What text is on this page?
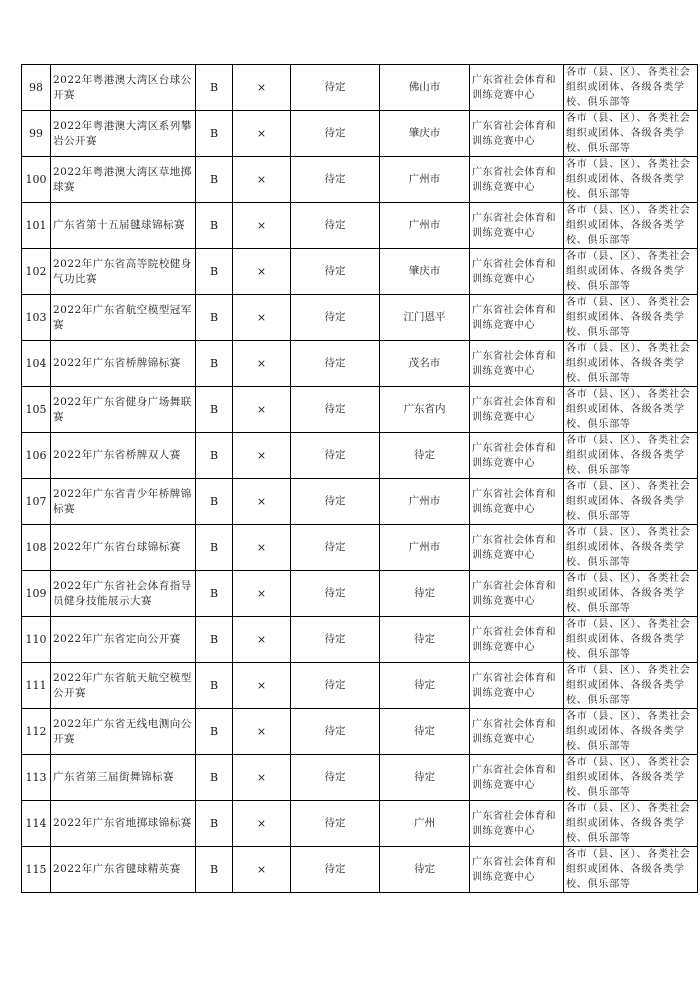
98	2022年粤港澳大湾区台球公开赛	B	×	待定	佛山市	广东省社会体育和训练竞赛中心	各市（县、区）、各类社会组织或团体、各级各类学校、俱乐部等
99	2022年粤港澳大湾区系列攀岩公开赛	B	×	待定	肇庆市	广东省社会体育和训练竞赛中心	各市（县、区）、各类社会组织或团体、各级各类学校、俱乐部等
100	2022年粤港澳大湾区草地掷球赛	B	×	待定	广州市	广东省社会体育和训练竞赛中心	各市（县、区）、各类社会组织或团体、各级各类学校、俱乐部等
101	广东省第十五届毽球锦标赛	B	×	待定	广州市	广东省社会体育和训练竞赛中心	各市（县、区）、各类社会组织或团体、各级各类学校、俱乐部等
102	2022年广东省高等院校健身气功比赛	B	×	待定	肇庆市	广东省社会体育和训练竞赛中心	各市（县、区）、各类社会组织或团体、各级各类学校、俱乐部等
103	2022年广东省航空模型冠军赛	B	×	待定	江门恩平	广东省社会体育和训练竞赛中心	各市（县、区）、各类社会组织或团体、各级各类学校、俱乐部等
104	2022年广东省桥牌锦标赛	B	×	待定	茂名市	广东省社会体育和训练竞赛中心	各市（县、区）、各类社会组织或团体、各级各类学校、俱乐部等
105	2022年广东省健身广场舞联赛	B	×	待定	广东省内	广东省社会体育和训练竞赛中心	各市（县、区）、各类社会组织或团体、各级各类学校、俱乐部等
106	2022年广东省桥牌双人赛	B	×	待定	待定	广东省社会体育和训练竞赛中心	各市（县、区）、各类社会组织或团体、各级各类学校、俱乐部等
107	2022年广东省青少年桥牌锦标赛	B	×	待定	广州市	广东省社会体育和训练竞赛中心	各市（县、区）、各类社会组织或团体、各级各类学校、俱乐部等
108	2022年广东省台球锦标赛	B	×	待定	广州市	广东省社会体育和训练竞赛中心	各市（县、区）、各类社会组织或团体、各级各类学校、俱乐部等
109	2022年广东省社会体育指导员健身技能展示大赛	B	×	待定	待定	广东省社会体育和训练竞赛中心	各市（县、区）、各类社会组织或团体、各级各类学校、俱乐部等
110	2022年广东省定向公开赛	B	×	待定	待定	广东省社会体育和训练竞赛中心	各市（县、区）、各类社会组织或团体、各级各类学校、俱乐部等
111	2022年广东省航天航空模型公开赛	B	×	待定	待定	广东省社会体育和训练竞赛中心	各市（县、区）、各类社会组织或团体、各级各类学校、俱乐部等
112	2022年广东省无线电测向公开赛	B	×	待定	待定	广东省社会体育和训练竞赛中心	各市（县、区）、各类社会组织或团体、各级各类学校、俱乐部等
113	广东省第三届街舞锦标赛	B	×	待定	待定	广东省社会体育和训练竞赛中心	各市（县、区）、各类社会组织或团体、各级各类学校、俱乐部等
114	2022年广东省地掷球锦标赛	B	×	待定	广州	广东省社会体育和训练竞赛中心	各市（县、区）、各类社会组织或团体、各级各类学校、俱乐部等
115	2022年广东省毽球精英赛	B	×	待定	待定	广东省社会体育和训练竞赛中心	各市（县、区）、各类社会组织或团体、各级各类学校、俱乐部等
